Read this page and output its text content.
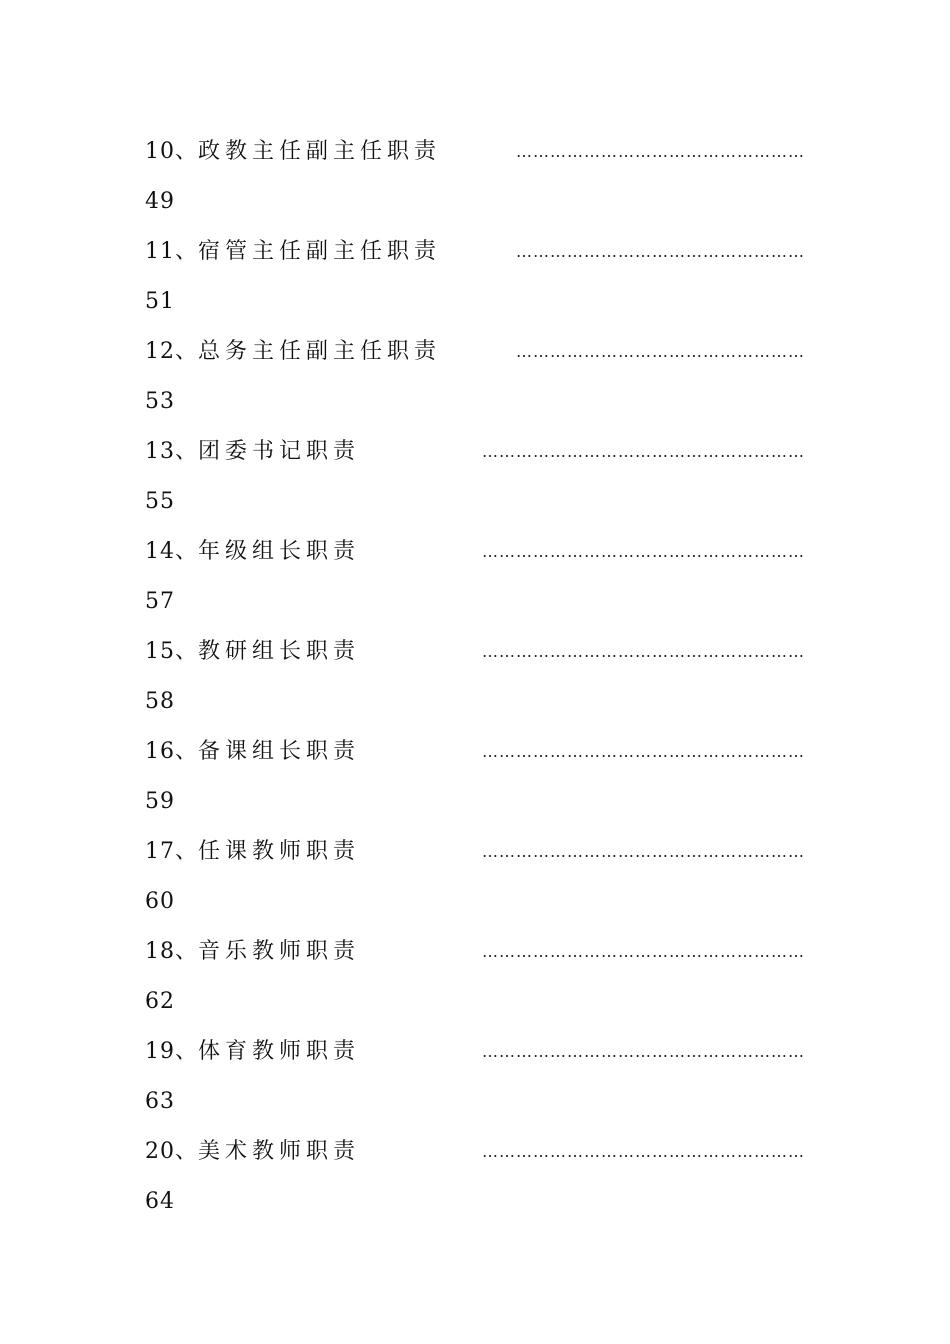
10、政教主任副主任职责	……………………………………………
49
11、宿管主任副主任职责	……………………………………………
51
12、总务主任副主任职责	……………………………………………
53
13、团委书记职责	…………………………………………………
55
14、年级组长职责	…………………………………………………
57
15、教研组长职责	…………………………………………………
58
16、备课组长职责	…………………………………………………
59
17、任课教师职责	…………………………………………………
60
18、音乐教师职责	…………………………………………………
62
19、体育教师职责	…………………………………………………
63
20、美术教师职责	…………………………………………………
64
